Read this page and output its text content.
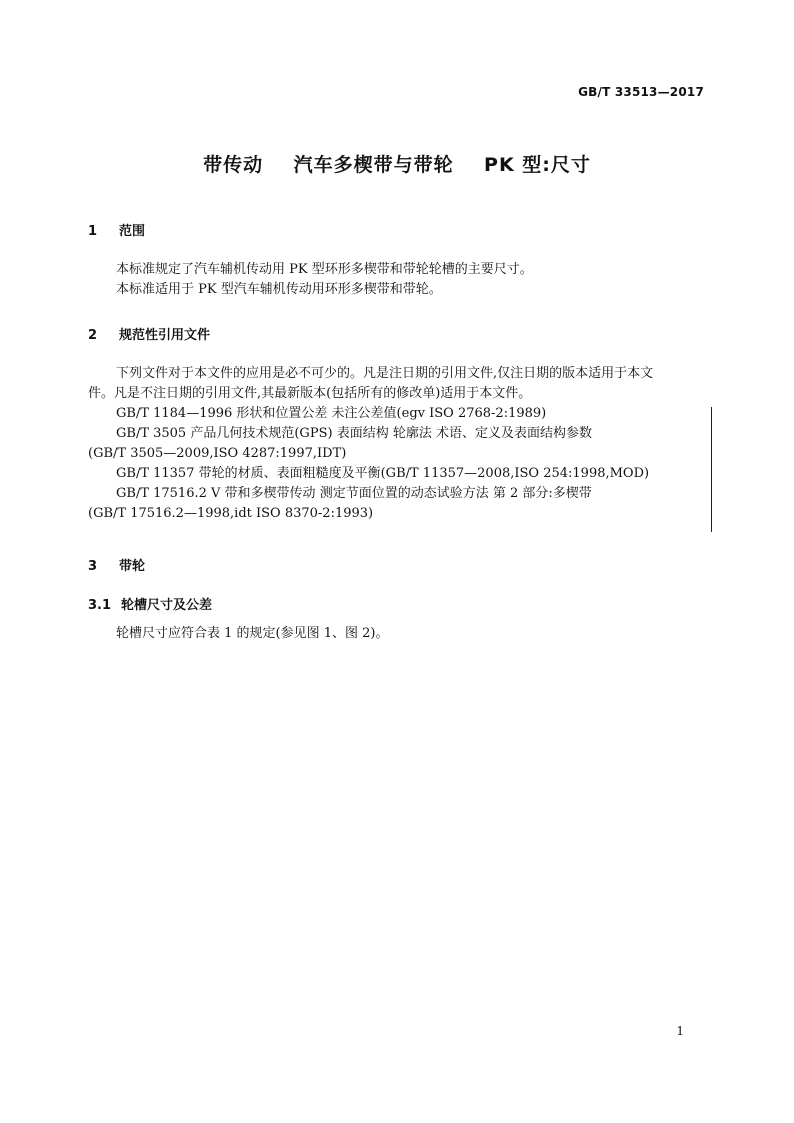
GB/T 33513—2017
带传动    汽车多楔带与带轮    PK 型:尺寸
1 范围
本标准规定了汽车辅机传动用 PK 型环形多楔带和带轮轮槽的主要尺寸。
本标准适用于 PK 型汽车辅机传动用环形多楔带和带轮。
2 规范性引用文件
下列文件对于本文件的应用是必不可少的。凡是注日期的引用文件,仅注日期的版本适用于本文
件。凡是不注日期的引用文件,其最新版本(包括所有的修改单)适用于本文件。
GB/T 1184—1996 形状和位置公差 未注公差值(egv ISO 2768-2:1989)
GB/T 3505 产品几何技术规范(GPS) 表面结构 轮廓法 术语、定义及表面结构参数
(GB/T 3505—2009,ISO 4287:1997,IDT)
GB/T 11357 带轮的材质、表面粗糙度及平衡(GB/T 11357—2008,ISO 254:1998,MOD)
GB/T 17516.2 V 带和多楔带传动 测定节面位置的动态试验方法 第 2 部分:多楔带
(GB/T 17516.2—1998,idt ISO 8370-2:1993)
3 带轮
3.1 轮槽尺寸及公差
轮槽尺寸应符合表 1 的规定(参见图 1、图 2)。
1
